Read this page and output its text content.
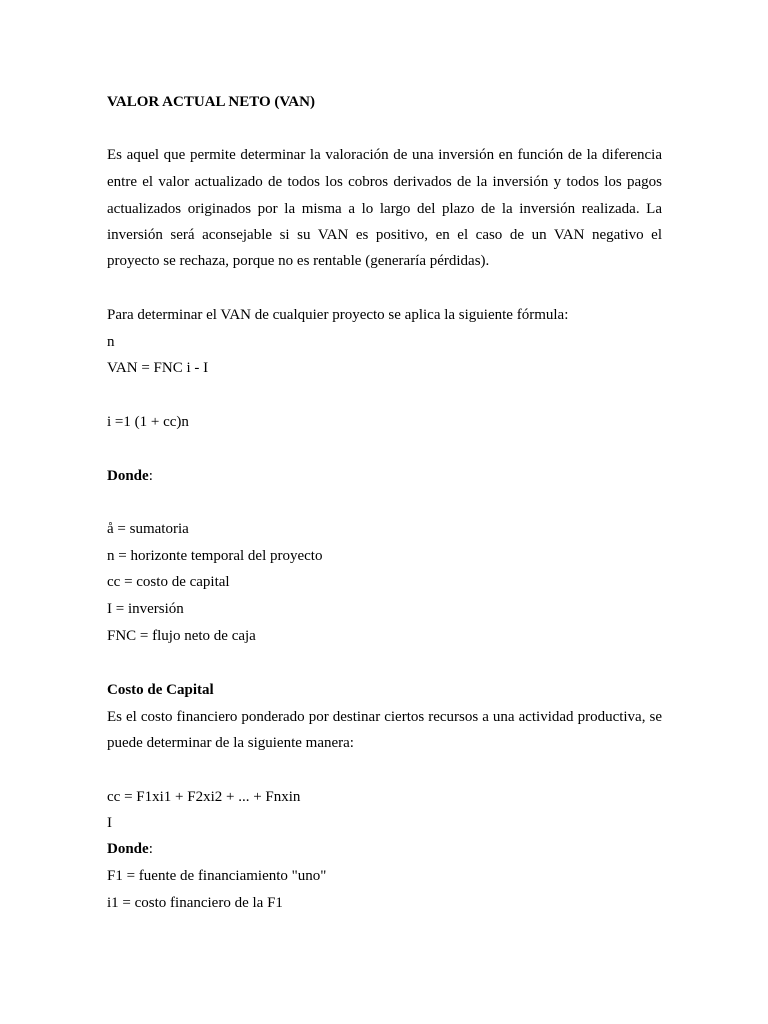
VALOR ACTUAL NETO (VAN)
Es aquel que permite determinar la valoración de una inversión en función de la diferencia
entre el valor actualizado de todos los cobros derivados de la inversión y todos los pagos
actualizados originados por la misma a lo largo del plazo de la inversión realizada. La
inversión será aconsejable si su VAN es positivo, en el caso de un VAN negativo el
proyecto se rechaza, porque no es rentable (generaría pérdidas).
Para determinar el VAN de cualquier proyecto se aplica la siguiente fórmula:
n
VAN = FNC i - I
i =1 (1 + cc)n
Donde:
å = sumatoria
n = horizonte temporal del proyecto
cc = costo de capital
I = inversión
FNC = flujo neto de caja
Costo de Capital
Es el costo financiero ponderado por destinar ciertos recursos a una actividad productiva, se
puede determinar de la siguiente manera:
cc = F1xi1 + F2xi2 + ... + Fnxin
I
Donde:
F1 = fuente de financiamiento "uno"
i1 = costo financiero de la F1
